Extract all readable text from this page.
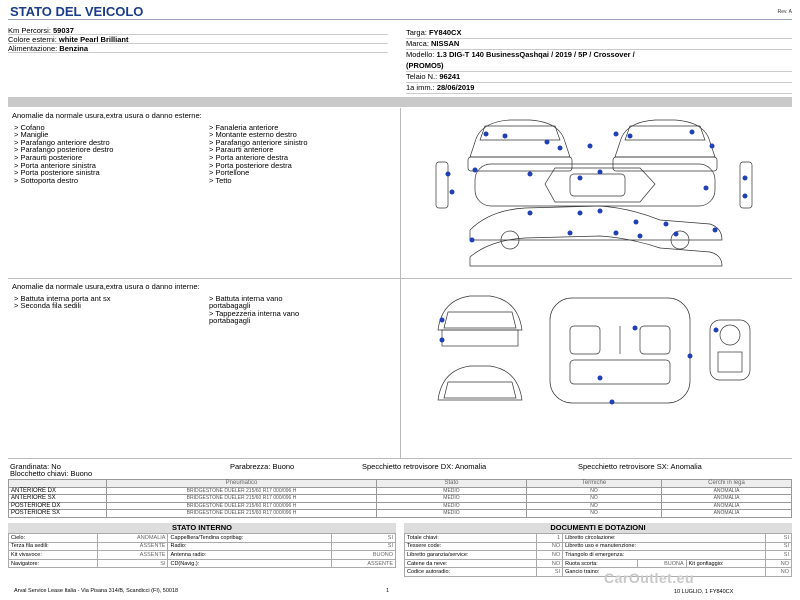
STATO DEL VEICOLO	Rev. A
Km Percorsi: 59037
Colore esterni: white Pearl Brilliant
Alimentazione: Benzina
Targa: FY840CX
Marca: NISSAN
Modello: 1.3 DIG-T 140 BusinessQashqai / 2019 / 5P / Crossover /
(PROMO5)
Telaio N.: 96241
1a imm.: 28/06/2019
Anomalie da normale usura,extra usura o danno esterne:
> Cofano
> Maniglie
> Parafango anteriore destro
> Parafango posteriore destro
> Paraurti posteriore
> Porta anteriore sinistra
> Porta posteriore sinistra
> Sottoporta destro
> Fanaleria anteriore
> Montante esterno destro
> Parafango anteriore sinistro
> Paraurti anteriore
> Porta anteriore destra
> Porta posteriore destra
> Portellone
> Tetto
Anomalie da normale usura,extra usura o danno interne:
> Battuta interna porta ant sx
> Seconda fila sedili
> Battuta interna vano
portabagagli
> Tappezzeria interna vano
portabagagli
Grandinata: No
Blocchetto chiavi: Buono
Parabrezza: Buono	Specchietto retrovisore DX: Anomalia	Specchietto retrovisore SX: Anomalia
	Pneumatico	Stato	Termiche	Cerchi in lega
ANTERIORE DX	BRIDGESTONE DUELER 215/60 R17 000/096 H	MEDIO	NO	ANOMALIA
ANTERIORE SX	BRIDGESTONE DUELER 215/60 R17 000/096 H	MEDIO	NO	ANOMALIA
POSTERIORE DX	BRIDGESTONE DUELER 215/60 R17 000/096 H	MEDIO	NO	ANOMALIA
POSTERIORE SX	BRIDGESTONE DUELER 215/60 R17 000/096 H	MEDIO	NO	ANOMALIA
STATO INTERNO
Cielo:	ANOMALIA	Cappelliera/Tendina copribag:	SI
Terza fila sedili:	ASSENTE	Radio:	SI
Kit vivavoce:	ASSENTE	Antenna radio:	BUONO
Navigatore:	SI	CD(Navig.):	ASSENTE
DOCUMENTI E DOTAZIONI
Totale chiavi:	1	Libretto circolazione:			SI
Tessere code:	NO	Libretto uso e manutenzione:			SI
Libretto garanzia/service:	NO	Triangolo di emergenza:			SI
Catene da neve:	NO	Ruota scorta:	BUONA	Kit gonfiaggio:	NO
Codice autoradio:	SI	Gancio traino:			NO
Arval Service Lease Italia - Via Pisana 314/B, Scandicci (FI), 50018	1	10 LUGLIO, 1 FY840CX
CarOutlet.eu
